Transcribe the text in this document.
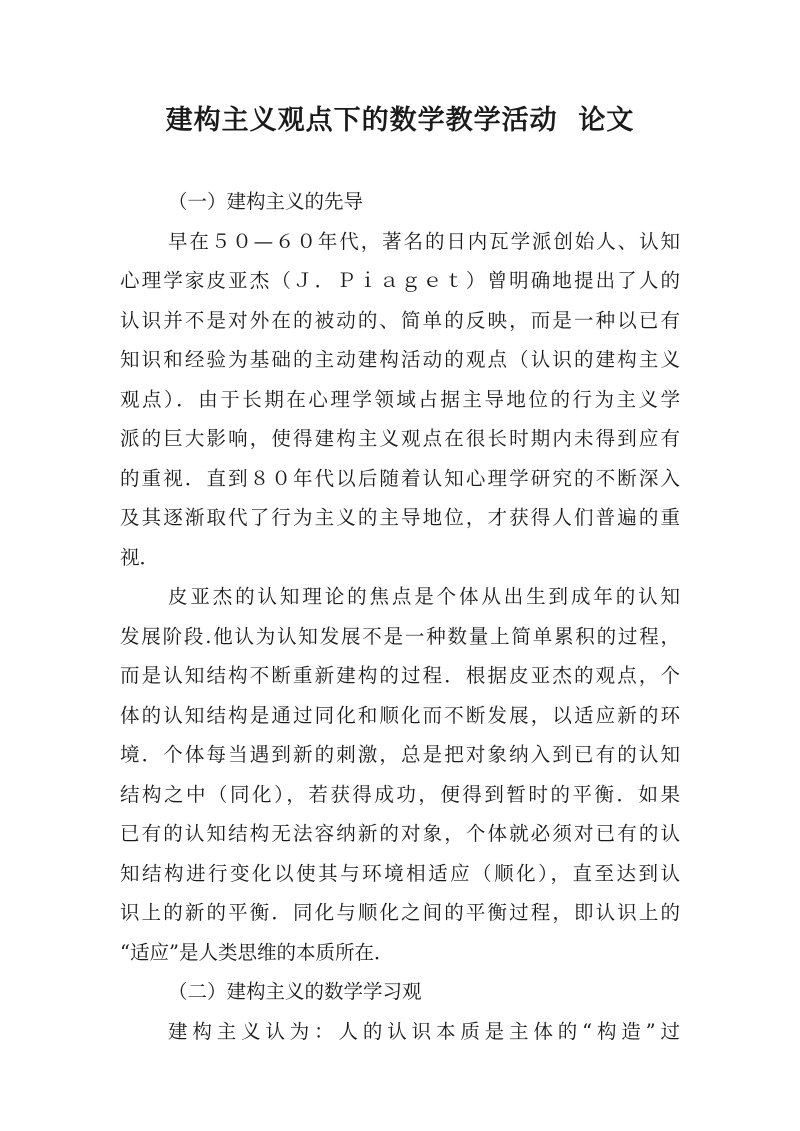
建构主义观点下的数学教学活动  论文
（一）建构主义的先导
早在５０—６０年代，著名的日内瓦学派创始人、认知
心理学家皮亚杰（Ｊ．Ｐｉａｇｅｔ）曾明确地提出了人的
认识并不是对外在的被动的、简单的反映，而是一种以已有
知识和经验为基础的主动建构活动的观点（认识的建构主义
观点）．由于长期在心理学领域占据主导地位的行为主义学
派的巨大影响，使得建构主义观点在很长时期内未得到应有
的重视．直到８０年代以后随着认知心理学研究的不断深入
及其逐渐取代了行为主义的主导地位，才获得人们普遍的重
视．
皮亚杰的认知理论的焦点是个体从出生到成年的认知
发展阶段.他认为认知发展不是一种数量上简单累积的过程，
而是认知结构不断重新建构的过程．根据皮亚杰的观点，个
体的认知结构是通过同化和顺化而不断发展，以适应新的环
境．个体每当遇到新的刺激，总是把对象纳入到已有的认知
结构之中（同化），若获得成功，便得到暂时的平衡．如果
已有的认知结构无法容纳新的对象，个体就必须对已有的认
知结构进行变化以使其与环境相适应（顺化），直至达到认
识上的新的平衡．同化与顺化之间的平衡过程，即认识上的
“适应”是人类思维的本质所在．
（二）建构主义的数学学习观
建构主义认为：人的认识本质是主体的“构造”过
